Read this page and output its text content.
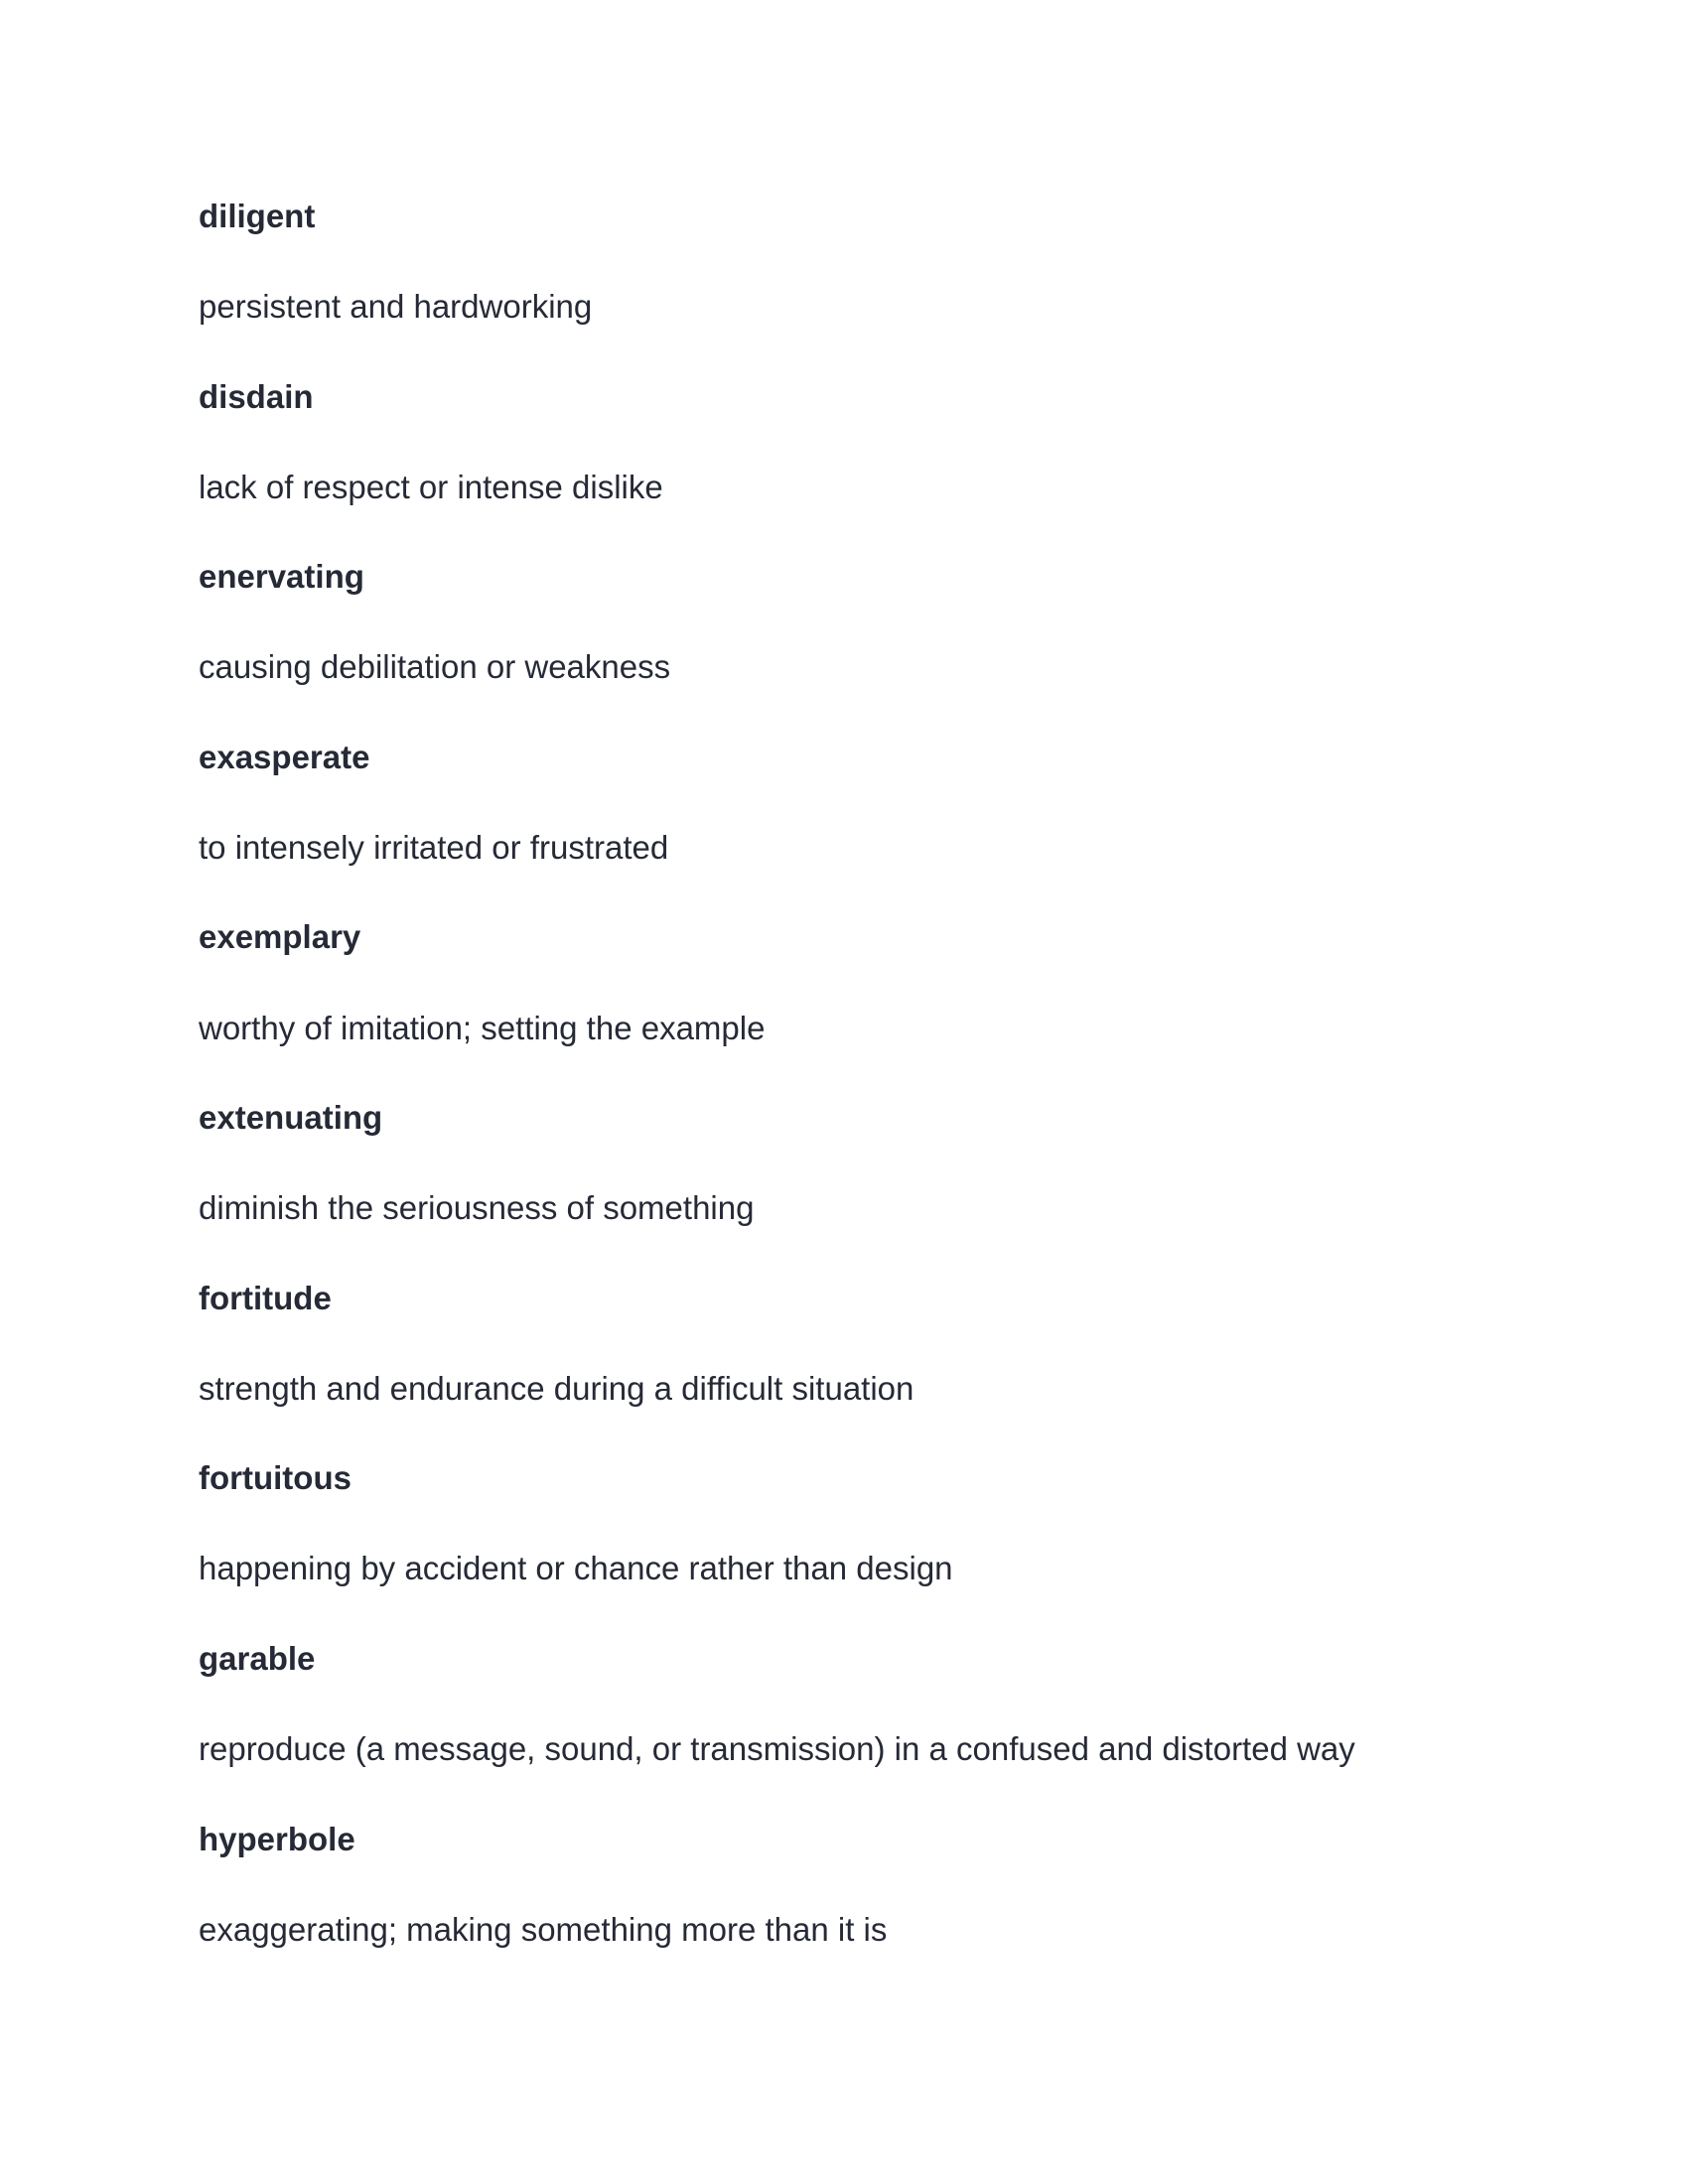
diligent
persistent and hardworking
disdain
lack of respect or intense dislike
enervating
causing debilitation or weakness
exasperate
to intensely irritated or frustrated
exemplary
worthy of imitation; setting the example
extenuating
diminish the seriousness of something
fortitude
strength and endurance during a difficult situation
fortuitous
happening by accident or chance rather than design
garable
reproduce (a message, sound, or transmission) in a confused and distorted way
hyperbole
exaggerating; making something more than it is
